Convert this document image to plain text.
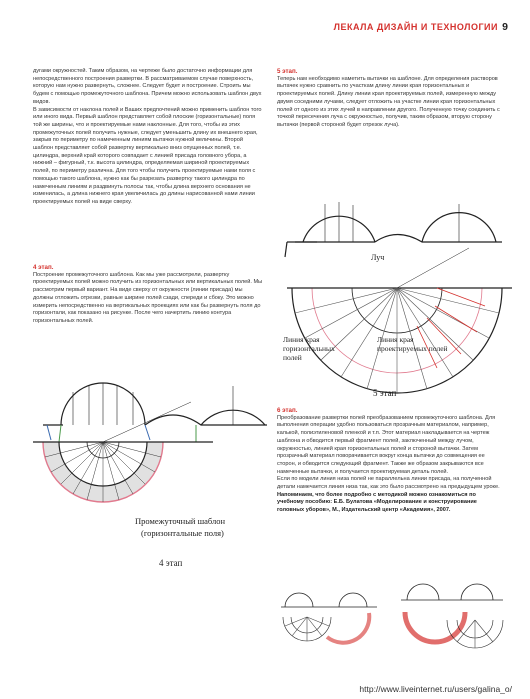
ЛЕКАЛА ДИЗАЙН И ТЕХНОЛОГИИ 9

дугами окружностей. Таким образом, на чертеже было достаточно информации для непосредственного построения развертки. В рассматриваемом случае поверхность, которую нам нужно развернуть, сложнее. Следует будет и построение. Строить мы будем с помощью промежуточного шаблона. Причем можно использовать шаблон двух видов.

В зависимости от наклона полей и Ваших предпочтений можно применить шаблон того или иного вида. Первый шаблон представляет собой плоские (горизонтальные) поля той же ширины, что и проектируемые нами наклонные. Для того, чтобы из этих промежуточных полей получить нужные, следует уменьшить длину их внешнего края, закрыв по периметру по намеченным линиям вытачки нужной величины. Второй шаблон представляет собой развертку вертикально вниз опущенных полей, т.е. цилиндра, верхний край которого совпадает с линией присада головного убора, а нижний – фигурный, т.к. высота цилиндра, определяемая шириной проектируемых полей, по периметру различна. Для того чтобы получить проектируемые нами поля с помощью такого шаблона, нужно как бы разрезать развертку такого цилиндра по намеченным линиям и раздвинуть полосы так, чтобы длина верхнего основания не изменилась, а длина нижнего края увеличилась до длины нарисованной нами линии проектируемых полей на виде сверху.

4 этап.

Построение промежуточного шаблона. Как мы уже рассмотрели, развертку проектируемых полей можно получить из горизонтальных или вертикальных полей. Мы рассмотрим первый вариант. На виде сверху от окружности (линии присада) мы должны отложить отрезки, равные ширине полей сзади, спереди и сбоку. Это можно измерить непосредственно на вертикальных проекциях или как бы развернуть поля до горизонтали, как показано на рисунке. После чего начертить линию контура горизонтальных полей.

5 этап.

Теперь нам необходимо наметить вытачки на шаблоне. Для определения растворов вытачек нужно сравнить по участкам длину линии края горизонтальных и проектируемых полей. Длину линии края проектируемых полей, измеренную между двумя соседними лучами, следует отложить на участке линии края горизонтальных полей от одного из этих лучей в направлении другого. Полученную точку соединить с точкой пересечения луча с окружностью, получив, таким образом, вторую сторону вытачки (первой стороной будет отрезок луча).

6 этап.

Преобразование развертки полей преобразованием промежуточного шаблона. Для выполнения операции удобно пользоваться прозрачным материалом, например, калькой, полиэтиленовой пленкой и т.п. Этот материал накладывается на чертеж шаблона и обводится первый фрагмент полей, заключенный между лучом, окружностью, линией края горизонтальных полей и стороной вытачки. Затем прозрачный материал поворачивается вокруг конца вытачки до совмещения ее сторон, и обводится следующий фрагмент. Также же образом закрываются все намеченные вытачки, и получается проектируемая деталь полей.

Если по модели линия низа полей не параллельна линии присада, на полученной детали намечается линия низа так, как это было рассмотрено на предыдущем уроке.

Напоминаем, что более подробно с методикой можно ознакомиться по учебному пособию: Е.Б. Булатова «Моделирование и конструирование головных уборов», М., Издательский центр «Академия», 2007.

Луч
Линия края
горизонтальных
полей
Линия края
проектируемых полей
5 этап
Промежуточный шаблон
(горизонтальные поля)
4 этап
http://www.liveinternet.ru/users/galina_o/
